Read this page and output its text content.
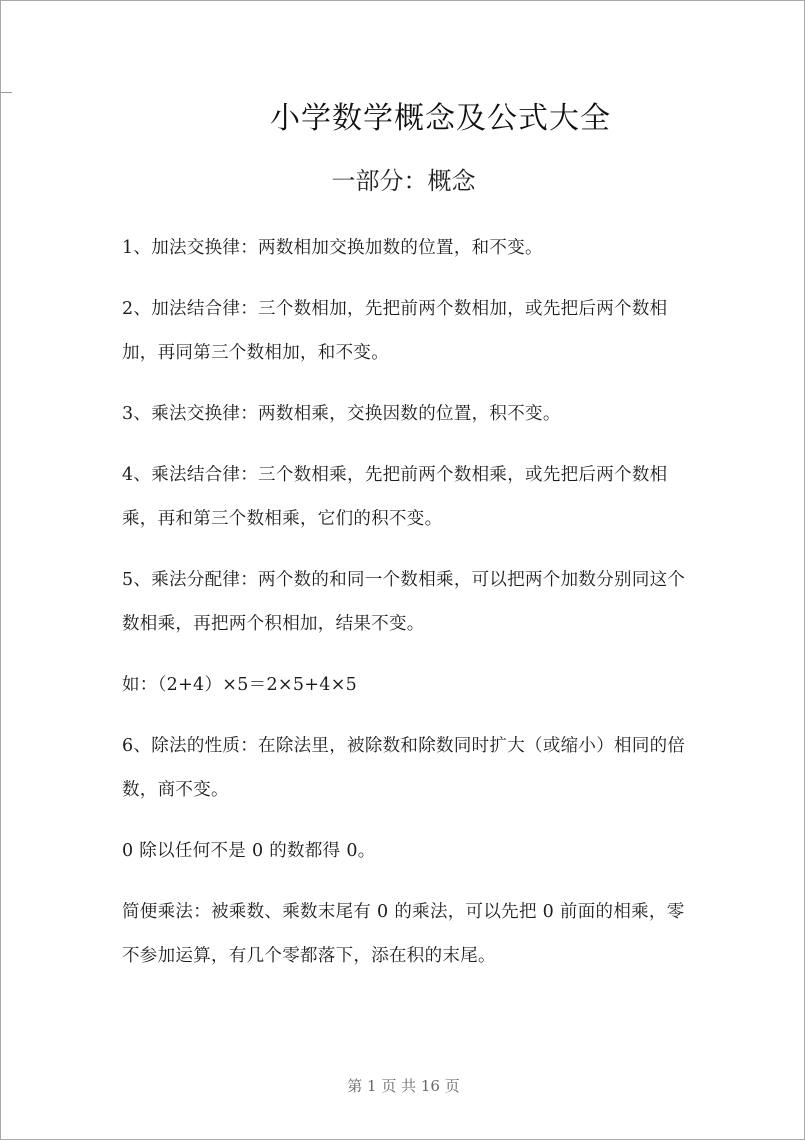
小学数学概念及公式大全
一部分：概念

1、加法交换律：两数相加交换加数的位置，和不变。

2、加法结合律：三个数相加，先把前两个数相加，或先把后两个数相加，再同第三个数相加，和不变。

3、乘法交换律：两数相乘，交换因数的位置，积不变。

4、乘法结合律：三个数相乘，先把前两个数相乘，或先把后两个数相乘，再和第三个数相乘，它们的积不变。

5、乘法分配律：两个数的和同一个数相乘，可以把两个加数分别同这个数相乘，再把两个积相加，结果不变。

如：（2+4）×5＝2×5+4×5

6、除法的性质：在除法里，被除数和除数同时扩大（或缩小）相同的倍数，商不变。

0 除以任何不是 0 的数都得 0。

简便乘法：被乘数、乘数末尾有 0 的乘法，可以先把 0 前面的相乘，零不参加运算，有几个零都落下，添在积的末尾。

第 1 页 共 16 页
